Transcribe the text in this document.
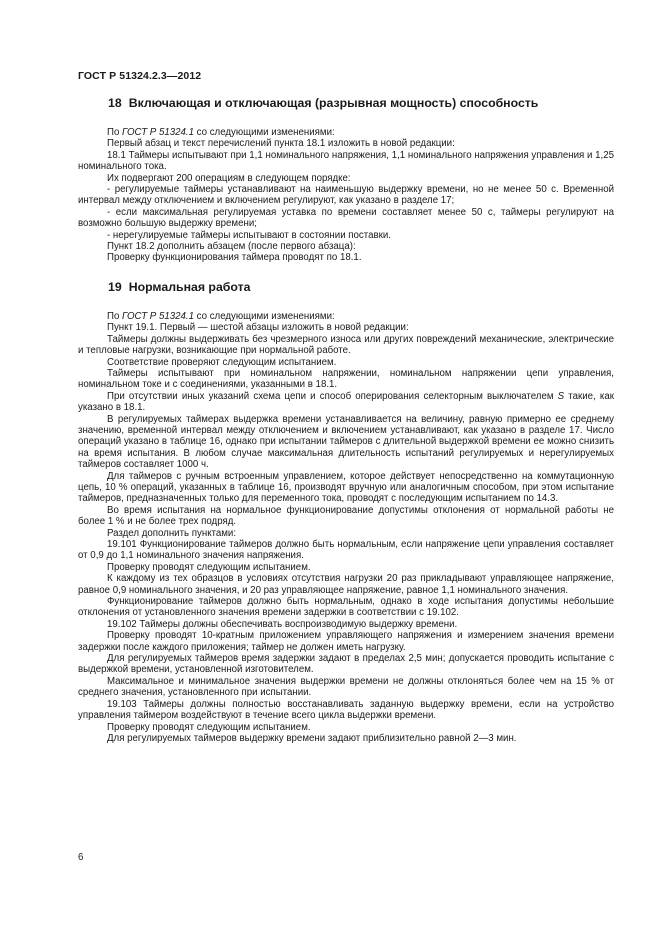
ГОСТ Р 51324.2.3—2012
18 Включающая и отключающая (разрывная мощность) способность

По ГОСТ Р 51324.1 со следующими изменениями:

Первый абзац и текст перечислений пункта 18.1 изложить в новой редакции:

18.1 Таймеры испытывают при 1,1 номинального напряжения, 1,1 номинального напряжения управления и 1,25 номинального тока.

Их подвергают 200 операциям в следующем порядке:

- регулируемые таймеры устанавливают на наименьшую выдержку времени, но не менее 50 с. Временной интервал между отключением и включением регулируют, как указано в разделе 17;

- если максимальная регулируемая уставка по времени составляет менее 50 с, таймеры регулируют на возможно большую выдержку времени;

- нерегулируемые таймеры испытывают в состоянии поставки.

Пункт 18.2 дополнить абзацем (после первого абзаца):

Проверку функционирования таймера проводят по 18.1.

19 Нормальная работа

По ГОСТ Р 51324.1 со следующими изменениями:

Пункт 19.1. Первый — шестой абзацы изложить в новой редакции:

Таймеры должны выдерживать без чрезмерного износа или других повреждений механические, электрические и тепловые нагрузки, возникающие при нормальной работе.

Соответствие проверяют следующим испытанием.

Таймеры испытывают при номинальном напряжении, номинальном напряжении цепи управления, номинальном токе и с соединениями, указанными в 18.1.

При отсутствии иных указаний схема цепи и способ оперирования селекторным выключателем S такие, как указано в 18.1.

В регулируемых таймерах выдержка времени устанавливается на величину, равную примерно ее среднему значению, временной интервал между отключением и включением устанавливают, как указано в разделе 17. Число операций указано в таблице 16, однако при испытании таймеров с длительной выдержкой времени ее можно снизить на время испытания. В любом случае максимальная длительность испытаний регулируемых и нерегулируемых таймеров составляет 1000 ч.

Для таймеров с ручным встроенным управлением, которое действует непосредственно на коммутационную цепь, 10 % операций, указанных в таблице 16, производят вручную или аналогичным способом, при этом испытание таймеров, предназначенных только для переменного тока, проводят с последующим испытанием по 14.3.

Во время испытания на нормальное функционирование допустимы отклонения от нормальной работы не более 1 % и не более трех подряд.

Раздел дополнить пунктами:

19.101 Функционирование таймеров должно быть нормальным, если напряжение цепи управления составляет от 0,9 до 1,1 номинального значения напряжения.

Проверку проводят следующим испытанием.

К каждому из тех образцов в условиях отсутствия нагрузки 20 раз прикладывают управляющее напряжение, равное 0,9 номинального значения, и 20 раз управляющее напряжение, равное 1,1 номинального значения.

Функционирование таймеров должно быть нормальным, однако в ходе испытания допустимы небольшие отклонения от установленного значения времени задержки в соответствии с 19.102.

19.102 Таймеры должны обеспечивать воспроизводимую выдержку времени.

Проверку проводят 10-кратным приложением управляющего напряжения и измерением значения времени задержки после каждого приложения; таймер не должен иметь нагрузку.

Для регулируемых таймеров время задержки задают в пределах 2,5 мин; допускается проводить испытание с выдержкой времени, установленной изготовителем.

Максимальное и минимальное значения выдержки времени не должны отклоняться более чем на 15 % от среднего значения, установленного при испытании.

19.103 Таймеры должны полностью восстанавливать заданную выдержку времени, если на устройство управления таймером воздействуют в течение всего цикла выдержки времени.

Проверку проводят следующим испытанием.

Для регулируемых таймеров выдержку времени задают приблизительно равной 2—3 мин.

6
